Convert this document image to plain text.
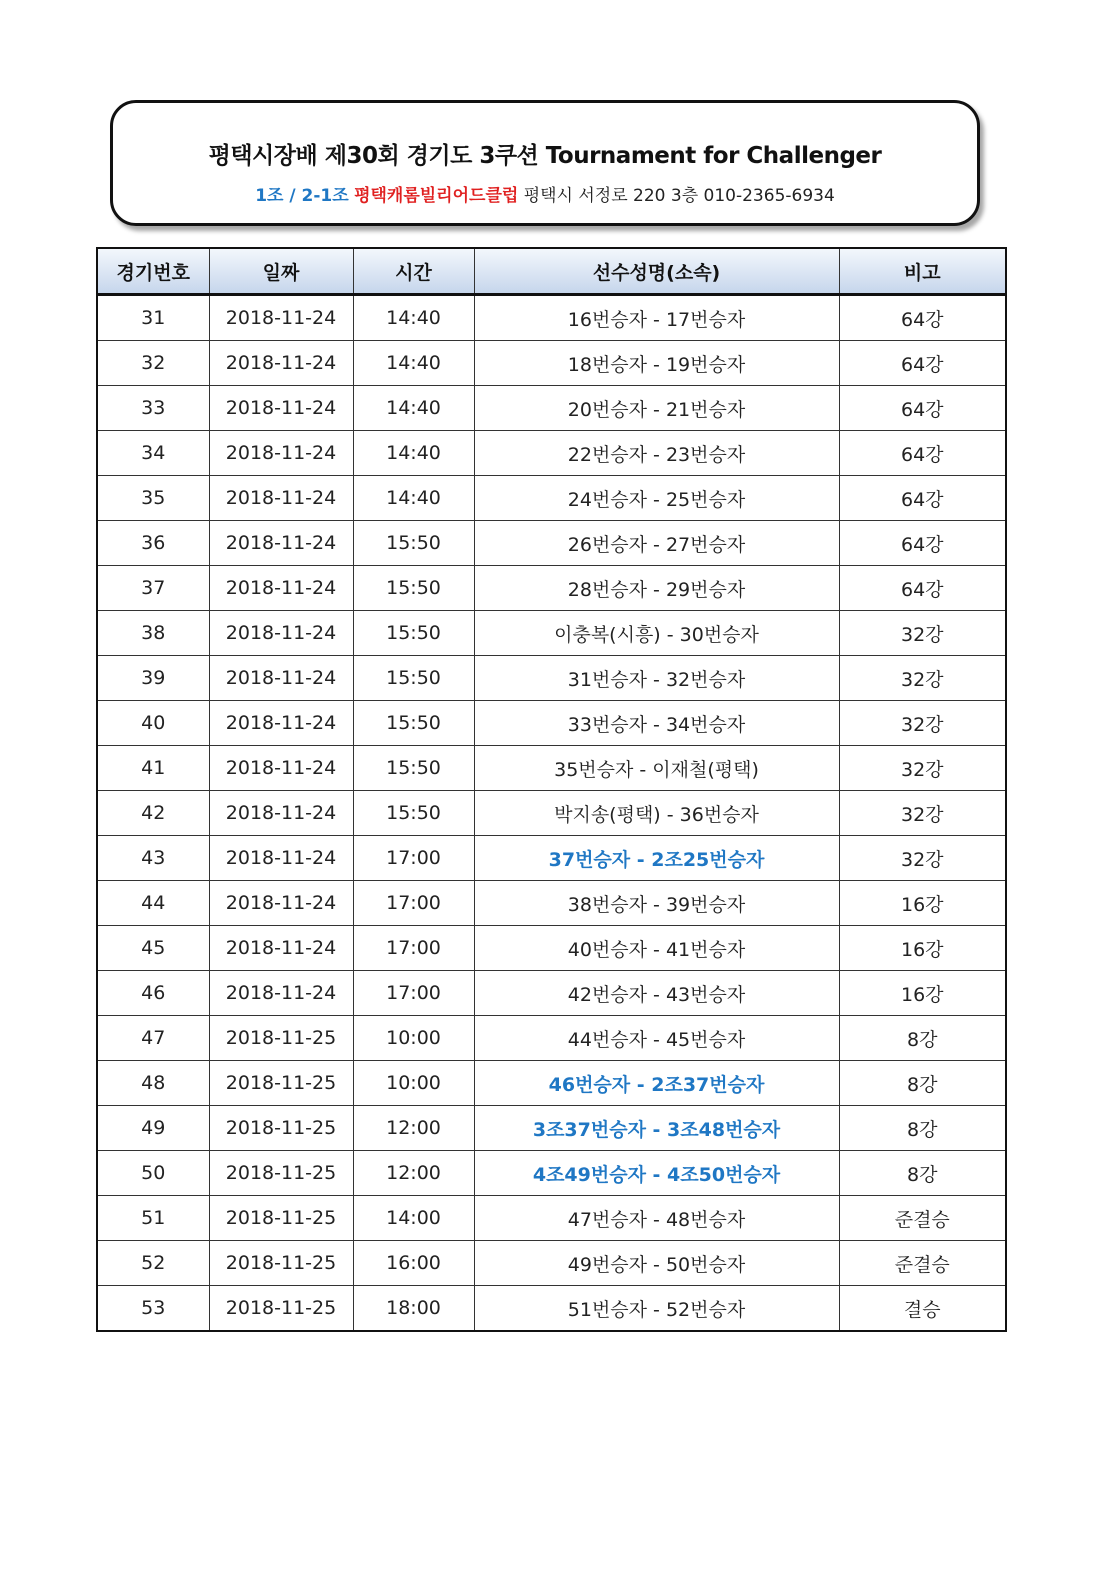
평택시장배 제30회 경기도 3쿠션 Tournament for Challenger
1조 / 2-1조 평택캐롬빌리어드클럽 평택시 서정로 220 3층 010-2365-6934
경기번호	일짜	시간	선수성명(소속)	비고
31	2018-11-24	14:40	16번승자 - 17번승자	64강
32	2018-11-24	14:40	18번승자 - 19번승자	64강
33	2018-11-24	14:40	20번승자 - 21번승자	64강
34	2018-11-24	14:40	22번승자 - 23번승자	64강
35	2018-11-24	14:40	24번승자 - 25번승자	64강
36	2018-11-24	15:50	26번승자 - 27번승자	64강
37	2018-11-24	15:50	28번승자 - 29번승자	64강
38	2018-11-24	15:50	이충복(시흥) - 30번승자	32강
39	2018-11-24	15:50	31번승자 - 32번승자	32강
40	2018-11-24	15:50	33번승자 - 34번승자	32강
41	2018-11-24	15:50	35번승자 - 이재철(평택)	32강
42	2018-11-24	15:50	박지송(평택) - 36번승자	32강
43	2018-11-24	17:00	37번승자 - 2조25번승자	32강
44	2018-11-24	17:00	38번승자 - 39번승자	16강
45	2018-11-24	17:00	40번승자 - 41번승자	16강
46	2018-11-24	17:00	42번승자 - 43번승자	16강
47	2018-11-25	10:00	44번승자 - 45번승자	8강
48	2018-11-25	10:00	46번승자 - 2조37번승자	8강
49	2018-11-25	12:00	3조37번승자 - 3조48번승자	8강
50	2018-11-25	12:00	4조49번승자 - 4조50번승자	8강
51	2018-11-25	14:00	47번승자 - 48번승자	준결승
52	2018-11-25	16:00	49번승자 - 50번승자	준결승
53	2018-11-25	18:00	51번승자 - 52번승자	결승
